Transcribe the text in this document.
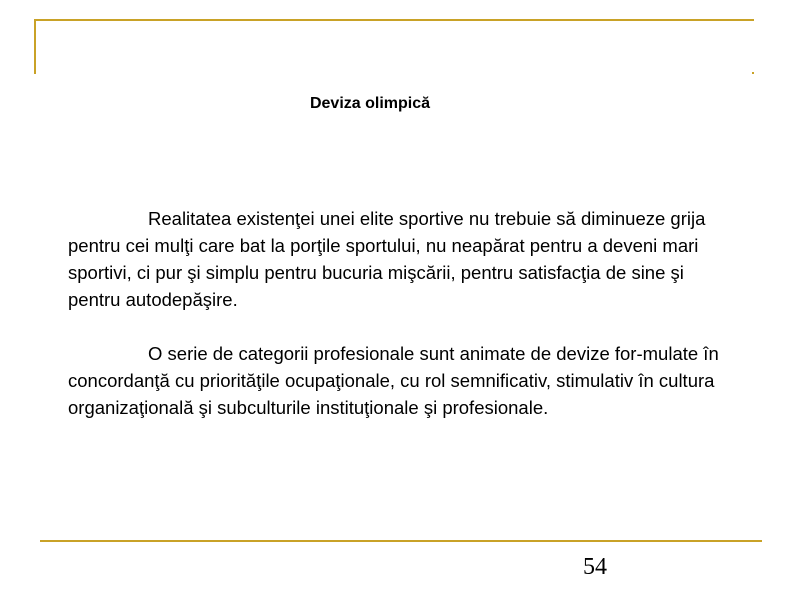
Deviza olimpică

Realitatea existenţei unei elite sportive nu trebuie să diminueze grija pentru cei mulţi care bat la porţile sportului, nu neapărat pentru a deveni mari sportivi, ci pur şi simplu pentru bucuria mişcării, pentru satisfacţia de sine şi pentru autodepăşire.

O serie de categorii profesionale sunt animate de devize for-mulate în concordanţă cu priorităţile ocupaţionale, cu rol semnificativ, stimulativ în cultura organizaţională şi subculturile instituţionale şi profesionale.

54
